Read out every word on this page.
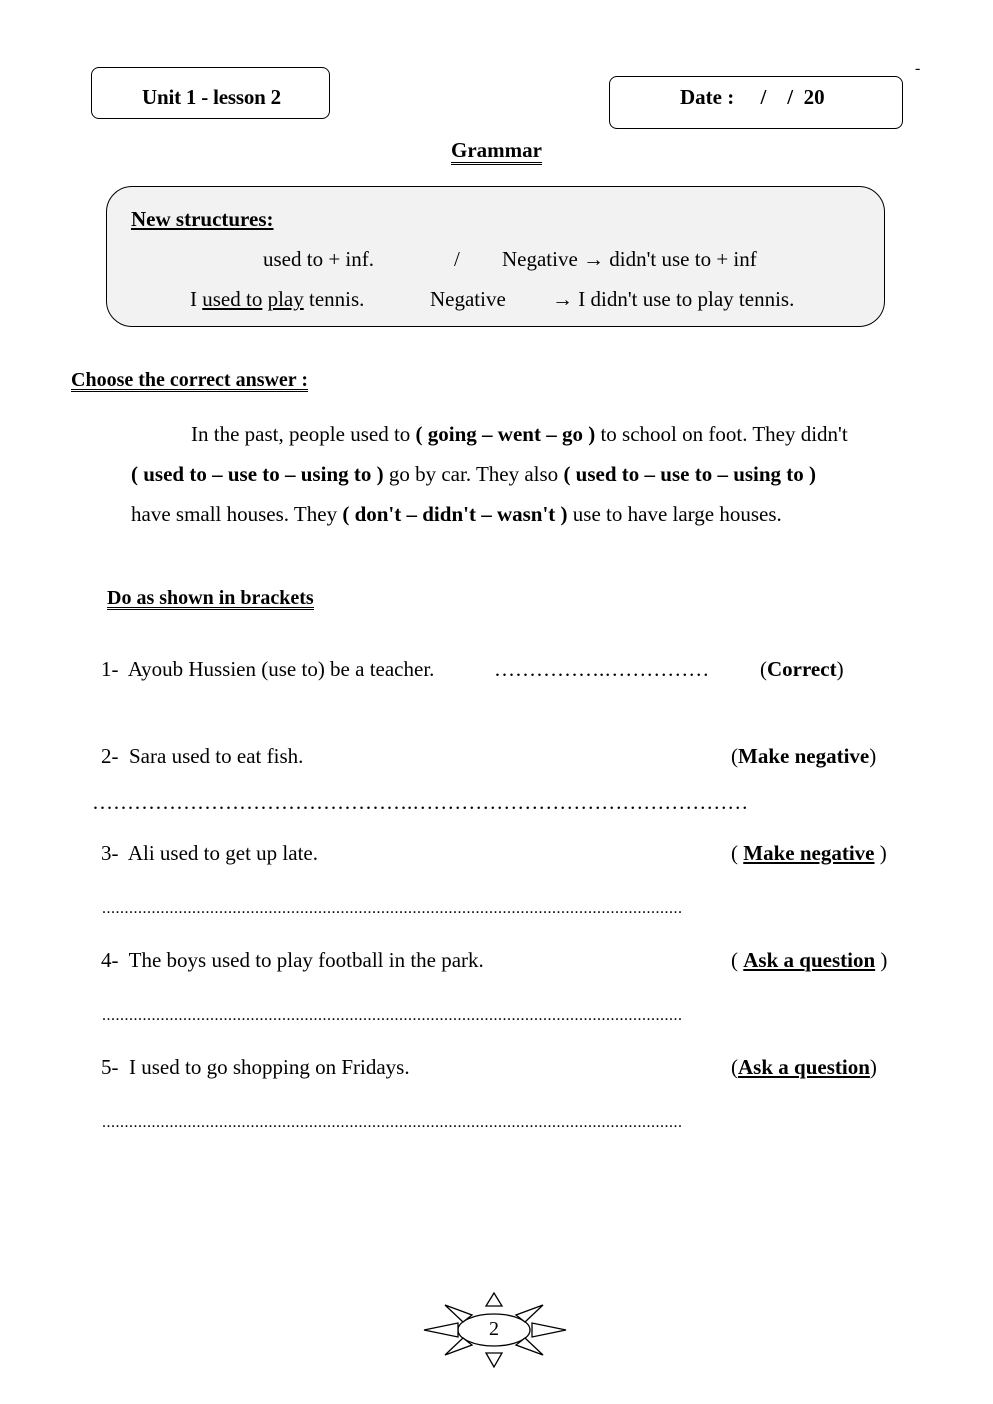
Unit 1 - lesson 2	Date :     /    /  20
-
Grammar
New structures:
used to + inf.	/ Negative → didn't use to + inf
I used to play tennis.	Negative → I didn't use to play tennis.
Choose the correct answer :
In the past, people used to ( going – went – go ) to school on foot. They didn't
( used to – use to – using to ) go by car. They also ( used to – use to – using to )
have small houses. They ( don't – didn't – wasn't ) use to have large houses.
Do as shown in brackets
1- Ayoub Hussien (use to) be a teacher.	…………….…………… (Correct)
2- Sara used to eat fish.	(Make negative)
……………………………………….…………………………………………
3- Ali used to get up late.	( Make negative )
.................................................................................................................................
4- The boys used to play football in the park.	( Ask a question )
.................................................................................................................................
5- I used to go shopping on Fridays.	(Ask a question)
.................................................................................................................................
2
